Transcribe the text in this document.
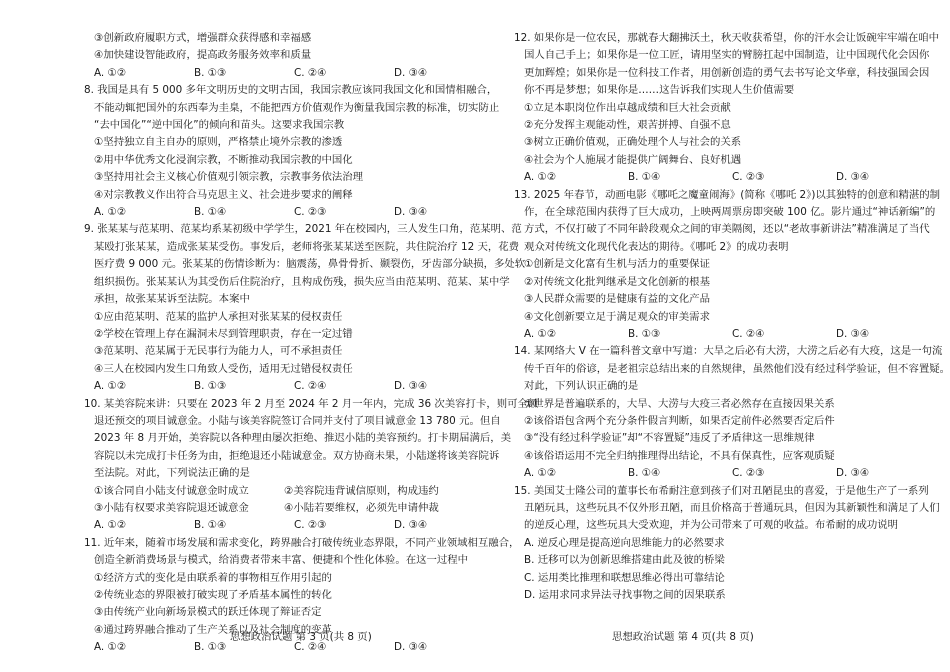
③创新政府履职方式，增强群众获得感和幸福感
④加快建设智能政府，提高政务服务效率和质量
A. ①②	B. ①③	C. ②④	D. ③④
8. 我国是具有 5 000 多年文明历史的文明古国，我国宗教应该同我国文化和国情相融合，
不能动辄把国外的东西奉为圭臬，不能把西方价值观作为衡量我国宗教的标准，切实防止
“去中国化”“逆中国化”的倾向和苗头。这要求我国宗教
①坚持独立自主自办的原则，严格禁止境外宗教的渗透
②用中华优秀文化浸润宗教，不断推动我国宗教的中国化
③坚持用社会主义核心价值观引领宗教，宗教事务依法治理
④对宗教教义作出符合马克思主义、社会进步要求的阐释
A. ①②	B. ①④	C. ②③	D. ③④
9. 张某某与范某明、范某均系某初级中学学生，2021 年在校园内，三人发生口角，范某明、范
某殴打张某某，造成张某某受伤。事发后，老师将张某某送至医院，共住院治疗 12 天，花费
医疗费 9 000 元。张某某的伤情诊断为：脑震荡，鼻骨骨折、颞裂伤，牙齿部分缺损，多处软
组织损伤。张某某认为其受伤后住院治疗，且构成伤残，损失应当由范某明、范某、某中学
承担，故张某某诉至法院。本案中
①应由范某明、范某的监护人承担对张某某的侵权责任
②学校在管理上存在漏洞未尽到管理职责，存在一定过错
③范某明、范某属于无民事行为能力人，可不承担责任
④三人在校园内发生口角致人受伤，适用无过错侵权责任
A. ①②	B. ①③	C. ②④	D. ③④
10. 某美容院来讲：只要在 2023 年 2 月至 2024 年 2 月一年内，完成 36 次美容打卡，则可全额
退还预交的项目诚意金。小陆与该美容院签订合同并支付了项目诚意金 13 780 元。但自
2023 年 8 月开始，美容院以各种理由屡次拒绝、推迟小陆的美容预约。打卡期届满后，美
容院以未完成打卡任务为由，拒绝退还小陆诚意金。双方协商未果，小陆遂将该美容院诉
至法院。对此，下列说法正确的是
①该合同自小陆支付诚意金时成立	②美容院违背诚信原则，构成违约
③小陆有权要求美容院退还诚意金	④小陆若要维权，必须先申请仲裁
A. ①②	B. ①④	C. ②③	D. ③④
11. 近年来，随着市场发展和需求变化，跨界融合打破传统业态界限，不同产业领域相互融合，
创造全新消费场景与模式，给消费者带来丰富、便捷和个性化体验。在这一过程中
①经济方式的变化是由联系着的事物相互作用引起的
②传统业态的界限被打破实现了矛盾基本属性的转化
③由传统产业向新场景模式的跃迁体现了辩证否定
④通过跨界融合推动了生产关系以及社会制度的变革
A. ①②	B. ①③	C. ②④	D. ③④
12. 如果你是一位农民，那就春大翻拂沃土，秋天收获希望，你的汗水会让饭碗牢牢端在咱中
国人自己手上；如果你是一位工匠，请用坚实的臂膀扛起中国制造，让中国现代化会因你
更加辉煌；如果你是一位科技工作者，用创新创造的勇气去书写论文华章，科技强国会因
你不再是梦想；如果你是……这告诉我们实现人生价值需要
①立足本职岗位作出卓越成绩和巨大社会贡献
②充分发挥主观能动性，艰苦拼搏、自强不息
③树立正确价值观，正确处理个人与社会的关系
④社会为个人施展才能提供广阔舞台、良好机遇
A. ①②	B. ①④	C. ②③	D. ③④
13. 2025 年春节，动画电影《哪吒之魔童闹海》(简称《哪吒 2》)以其独特的创意和精湛的制
作，在全球范围内获得了巨大成功，上映两周票房即突破 100 亿。影片通过“神话新编”的
方式，不仅打破了不同年龄段观众之间的审美隔阂，还以“老故事新讲法”精准满足了当代
观众对传统文化现代化表达的期待。《哪吒 2》的成功表明
①创新是文化富有生机与活力的重要保证
②对传统文化批判继承是文化创新的根基
③人民群众需要的是健康有益的文化产品
④文化创新要立足于满足观众的审美需求
A. ①②	B. ①③	C. ②④	D. ③④
14. 某网络大 V 在一篇科普文章中写道：大旱之后必有大涝，大涝之后必有大疫，这是一句流
传千百年的俗谚，是老祖宗总结出来的自然规律，虽然他们没有经过科学验证，但不容置疑。
对此，下列认识正确的是
①世界是普遍联系的，大旱、大涝与大疫三者必然存在直接因果关系
②该俗语包含两个充分条件假言判断，如果否定前件必然要否定后件
③“没有经过科学验证”却“不容置疑”违反了矛盾律这一思维规律
④该俗语运用不完全归纳推理得出结论，不具有保真性，应客观质疑
A. ①②	B. ①④	C. ②③	D. ③④
15. 美国艾士隆公司的董事长布希耐注意到孩子们对丑陋昆虫的喜爱，于是他生产了一系列
丑陋玩具，这些玩具不仅外形丑陋，而且价格高于普通玩具，但因为其新颖性和满足了人们
的逆反心理，这些玩具大受欢迎，并为公司带来了可观的收益。布希耐的成功说明
A. 逆反心理是提高逆向思维能力的必然要求
B. 迁移可以为创新思维搭建由此及彼的桥梁
C. 运用类比推理和联想思维必得出可靠结论
D. 运用求同求异法寻找事物之间的因果联系
思想政治试题 第 3 页(共 8 页)	思想政治试题 第 4 页(共 8 页)
